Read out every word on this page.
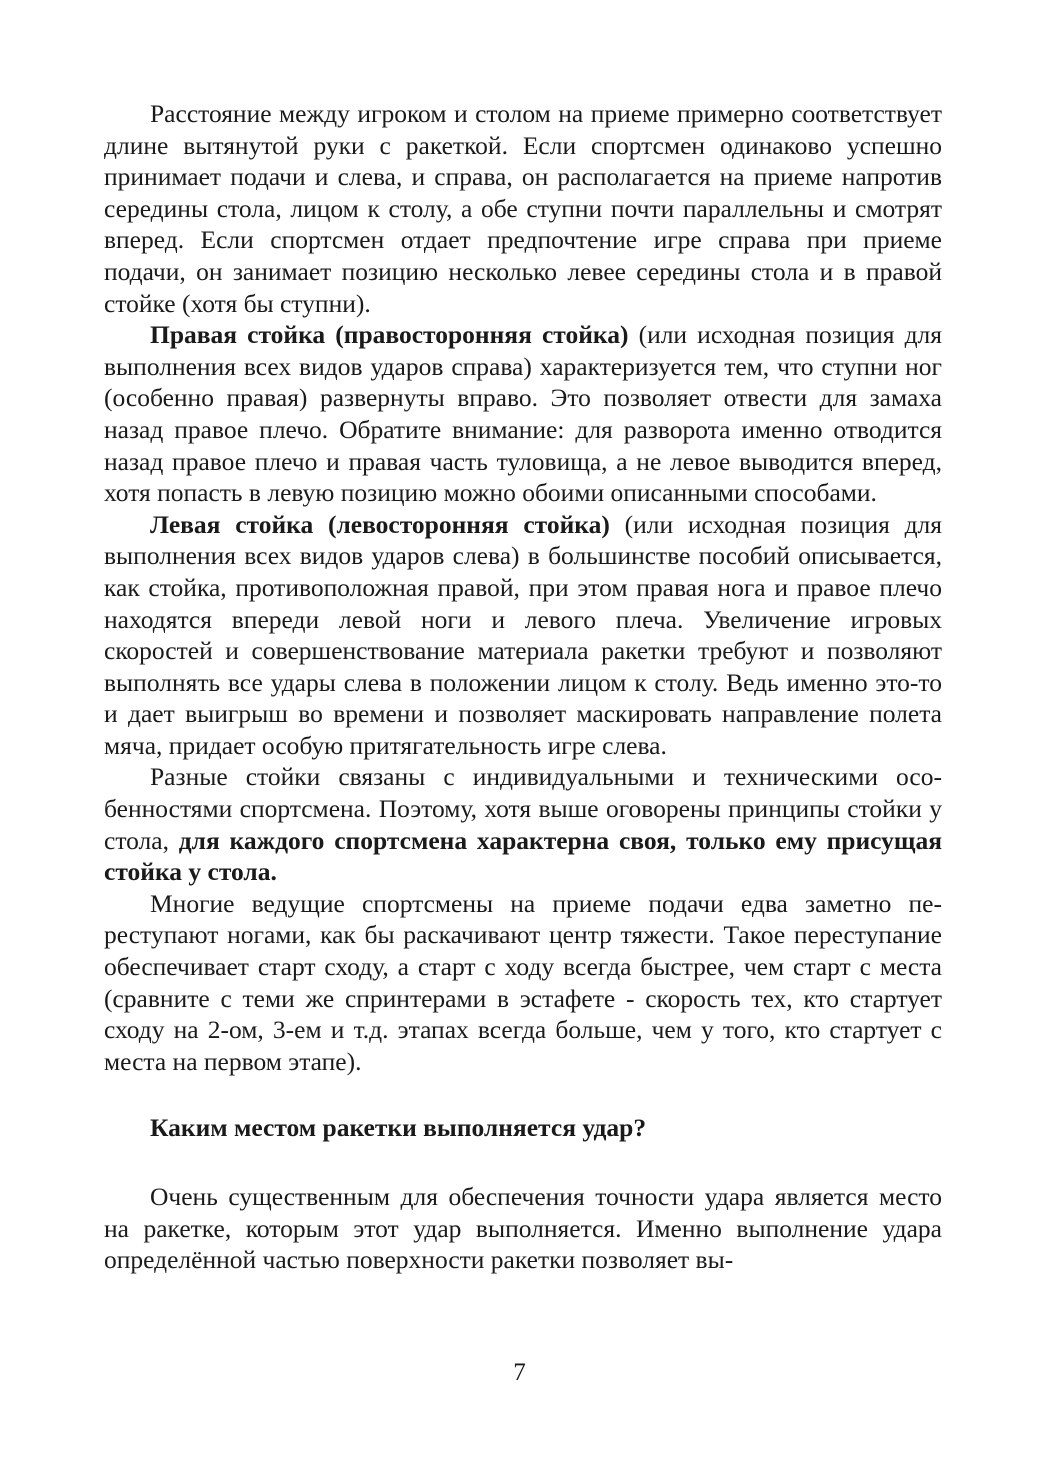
Расстояние между игроком и столом на приеме примерно соответствует длине вытянутой руки с ракеткой. Если спортсмен одинаково успешно принимает подачи и слева, и справа, он располагается на приеме напротив середины стола, лицом к столу, а обе ступни почти параллельны и смотрят вперед. Если спортсмен отдает предпочтение игре справа при приеме подачи, он занимает позицию несколько левее середины стола и в правой стойке (хотя бы ступни).

Правая стойка (правосторонняя стойка) (или исходная позиция для выполнения всех видов ударов справа) характеризуется тем, что ступни ног (особенно правая) развернуты вправо. Это позволяет отвести для замаха назад правое плечо. Обратите внимание: для разворота именно отводится назад правое плечо и правая часть туловища, а не левое выводится вперед, хотя попасть в левую позицию можно обоими описанными способами.

Левая стойка (левосторонняя стойка) (или исходная позиция для выполнения всех видов ударов слева) в большинстве пособий описывается, как стойка, противоположная правой, при этом правая нога и правое плечо находятся впереди левой ноги и левого плеча. Увеличение игровых скоростей и совершенствование материала ракетки требуют и позволяют выполнять все удары слева в положении лицом к столу. Ведь именно это-то и дает выигрыш во времени и позволяет маскировать направление полета мяча, придает особую притягательность игре слева.

Разные стойки связаны с индивидуальными и техническими особенностями спортсмена. Поэтому, хотя выше оговорены принципы стойки у стола, для каждого спортсмена характерна своя, только ему присущая стойка у стола.

Многие ведущие спортсмены на приеме подачи едва заметно переступают ногами, как бы раскачивают центр тяжести. Такое переступание обеспечивает старт сходу, а старт с ходу всегда быстрее, чем старт с места (сравните с теми же спринтерами в эстафете - скорость тех, кто стартует сходу на 2-ом, 3-ем и т.д. этапах всегда больше, чем у того, кто стартует с места на первом этапе).

Каким местом ракетки выполняется удар?

Очень существенным для обеспечения точности удара является место на ракетке, которым этот удар выполняется. Именно выполнение удара определённой частью поверхности ракетки позволяет вы-

7
